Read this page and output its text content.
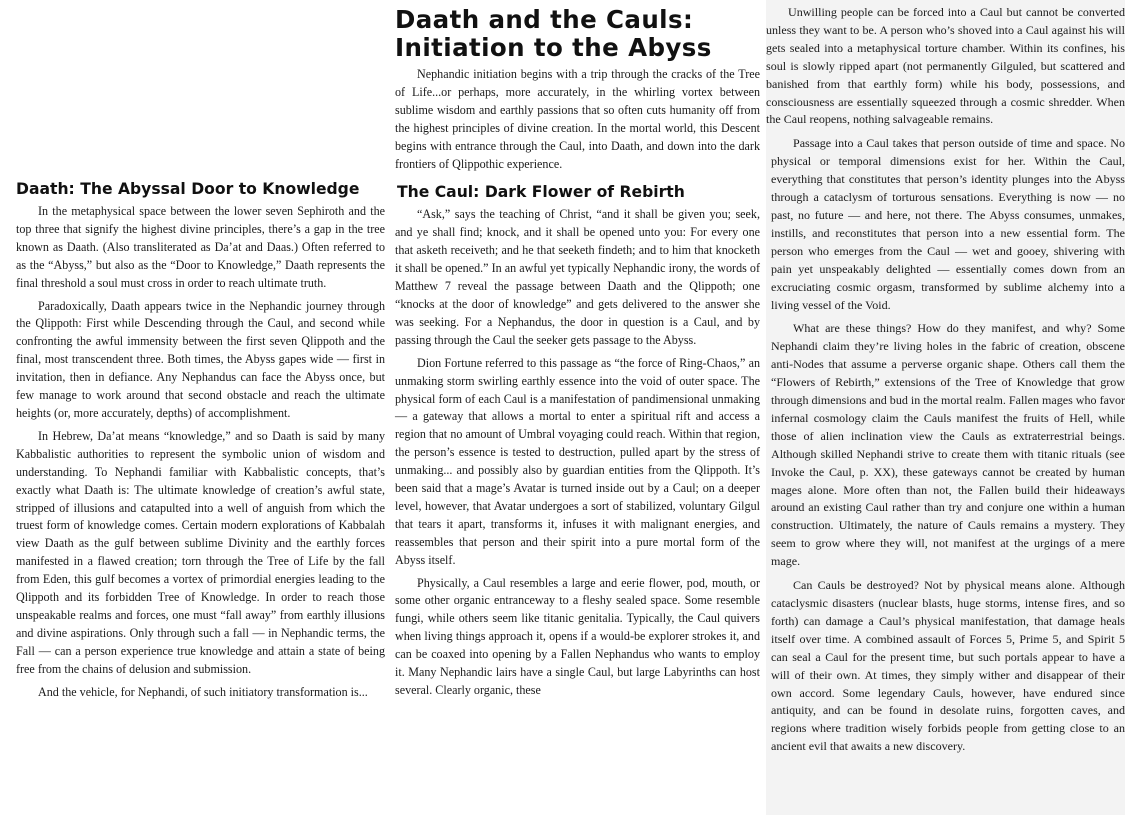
Daath: The Abyssal Door to Knowledge

In the metaphysical space between the lower seven Sephiroth and the top three that signify the highest divine principles, there’s a gap in the tree known as Daath. (Also transliterated as Da’at and Daas.) Often referred to as the “Abyss,” but also as the “Door to Knowledge,” Daath represents the final threshold a soul must cross in order to reach ultimate truth.

Paradoxically, Daath appears twice in the Nephandic journey through the Qlippoth: First while Descending through the Caul, and second while confronting the awful immensity between the first seven Qlippoth and the final, most transcendent three. Both times, the Abyss gapes wide — first in invitation, then in defiance. Any Nephandus can face the Abyss once, but few manage to work around that second obstacle and reach the ultimate heights (or, more accurately, depths) of accomplishment.

In Hebrew, Da’at means “knowledge,” and so Daath is said by many Kabbalistic authorities to represent the symbolic union of wisdom and understanding. To Nephandi familiar with Kabbalistic concepts, that’s exactly what Daath is: The ultimate knowledge of creation’s awful state, stripped of illusions and catapulted into a well of anguish from which the truest form of knowledge comes. Certain modern explorations of Kabbalah view Daath as the gulf between sublime Divinity and the earthly forces manifested in a flawed creation; torn through the Tree of Life by the fall from Eden, this gulf becomes a vortex of primordial energies leading to the Qlippoth and its forbidden Tree of Knowledge. In order to reach those unspeakable realms and forces, one must “fall away” from earthly illusions and divine aspirations. Only through such a fall — in Nephandic terms, the Fall — can a person experience true knowledge and attain a state of being free from the chains of delusion and submission.

And the vehicle, for Nephandi, of such initiatory transformation is...

Daath and the Cauls:
Initiation to the Abyss

Nephandic initiation begins with a trip through the cracks of the Tree of Life...or perhaps, more accurately, in the whirling vortex between sublime wisdom and earthly passions that so often cuts humanity off from the highest principles of divine creation. In the mortal world, this Descent begins with entrance through the Caul, into Daath, and down into the dark frontiers of Qlippothic experience.

The Caul: Dark Flower of Rebirth

“Ask,” says the teaching of Christ, “and it shall be given you; seek, and ye shall find; knock, and it shall be opened unto you: For every one that asketh receiveth; and he that seeketh findeth; and to him that knocketh it shall be opened.” In an awful yet typically Nephandic irony, the words of Matthew 7 reveal the passage between Daath and the Qlippoth; one “knocks at the door of knowledge” and gets delivered to the answer she was seeking. For a Nephandus, the door in question is a Caul, and by passing through the Caul the seeker gets passage to the Abyss.

Dion Fortune referred to this passage as “the force of Ring-Chaos,” an unmaking storm swirling earthly essence into the void of outer space. The physical form of each Caul is a manifestation of pandimensional unmaking — a gateway that allows a mortal to enter a spiritual rift and access a region that no amount of Umbral voyaging could reach. Within that region, the person’s essence is tested to destruction, pulled apart by the stress of unmaking... and possibly also by guardian entities from the Qlippoth. It’s been said that a mage’s Avatar is turned inside out by a Caul; on a deeper level, however, that Avatar undergoes a sort of stabilized, voluntary Gilgul that tears it apart, transforms it, infuses it with malignant energies, and reassembles that person and their spirit into a pure mortal form of the Abyss itself.

Physically, a Caul resembles a large and eerie flower, pod, mouth, or some other organic entranceway to a fleshy sealed space. Some resemble fungi, while others seem like titanic genitalia. Typically, the Caul quivers when living things approach it, opens if a would-be explorer strokes it, and can be coaxed into opening by a Fallen Nephandus who wants to employ it. Many Nephandic lairs have a single Caul, but large Labyrinths can host several. Clearly organic, these

Unwilling people can be forced into a Caul but cannot be converted unless they want to be. A person who’s shoved into a Caul against his will gets sealed into a metaphysical torture chamber. Within its confines, his soul is slowly ripped apart (not permanently Gilguled, but scattered and banished from that earthly form) while his body, possessions, and consciousness are essentially squeezed through a cosmic shredder. When the Caul reopens, nothing salvageable remains.

Passage into a Caul takes that person outside of time and space. No physical or temporal dimensions exist for her. Within the Caul, everything that constitutes that person’s identity plunges into the Abyss through a cataclysm of torturous sensations. Everything is now — no past, no future — and here, not there. The Abyss consumes, unmakes, instills, and reconstitutes that person into a new essential form. The person who emerges from the Caul — wet and gooey, shivering with pain yet unspeakably delighted — essentially comes down from an excruciating cosmic orgasm, transformed by sublime alchemy into a living vessel of the Void.

What are these things? How do they manifest, and why? Some Nephandi claim they’re living holes in the fabric of creation, obscene anti-Nodes that assume a perverse organic shape. Others call them the “Flowers of Rebirth,” extensions of the Tree of Knowledge that grow through dimensions and bud in the mortal realm. Fallen mages who favor infernal cosmology claim the Cauls manifest the fruits of Hell, while those of alien inclination view the Cauls as extraterrestrial beings. Although skilled Nephandi strive to create them with titanic rituals (see Invoke the Caul, p. XX), these gateways cannot be created by human mages alone. More often than not, the Fallen build their hideaways around an existing Caul rather than try and conjure one within a human construction. Ultimately, the nature of Cauls remains a mystery. They seem to grow where they will, not manifest at the urgings of a mere mage.

Can Cauls be destroyed? Not by physical means alone. Although cataclysmic disasters (nuclear blasts, huge storms, intense fires, and so forth) can damage a Caul’s physical manifestation, that damage heals itself over time. A combined assault of Forces 5, Prime 5, and Spirit 5 can seal a Caul for the present time, but such portals appear to have a will of their own. At times, they simply wither and disappear of their own accord. Some legendary Cauls, however, have endured since antiquity, and can be found in desolate ruins, forgotten caves, and regions where tradition wisely forbids people from getting close to an ancient evil that awaits a new discovery.
